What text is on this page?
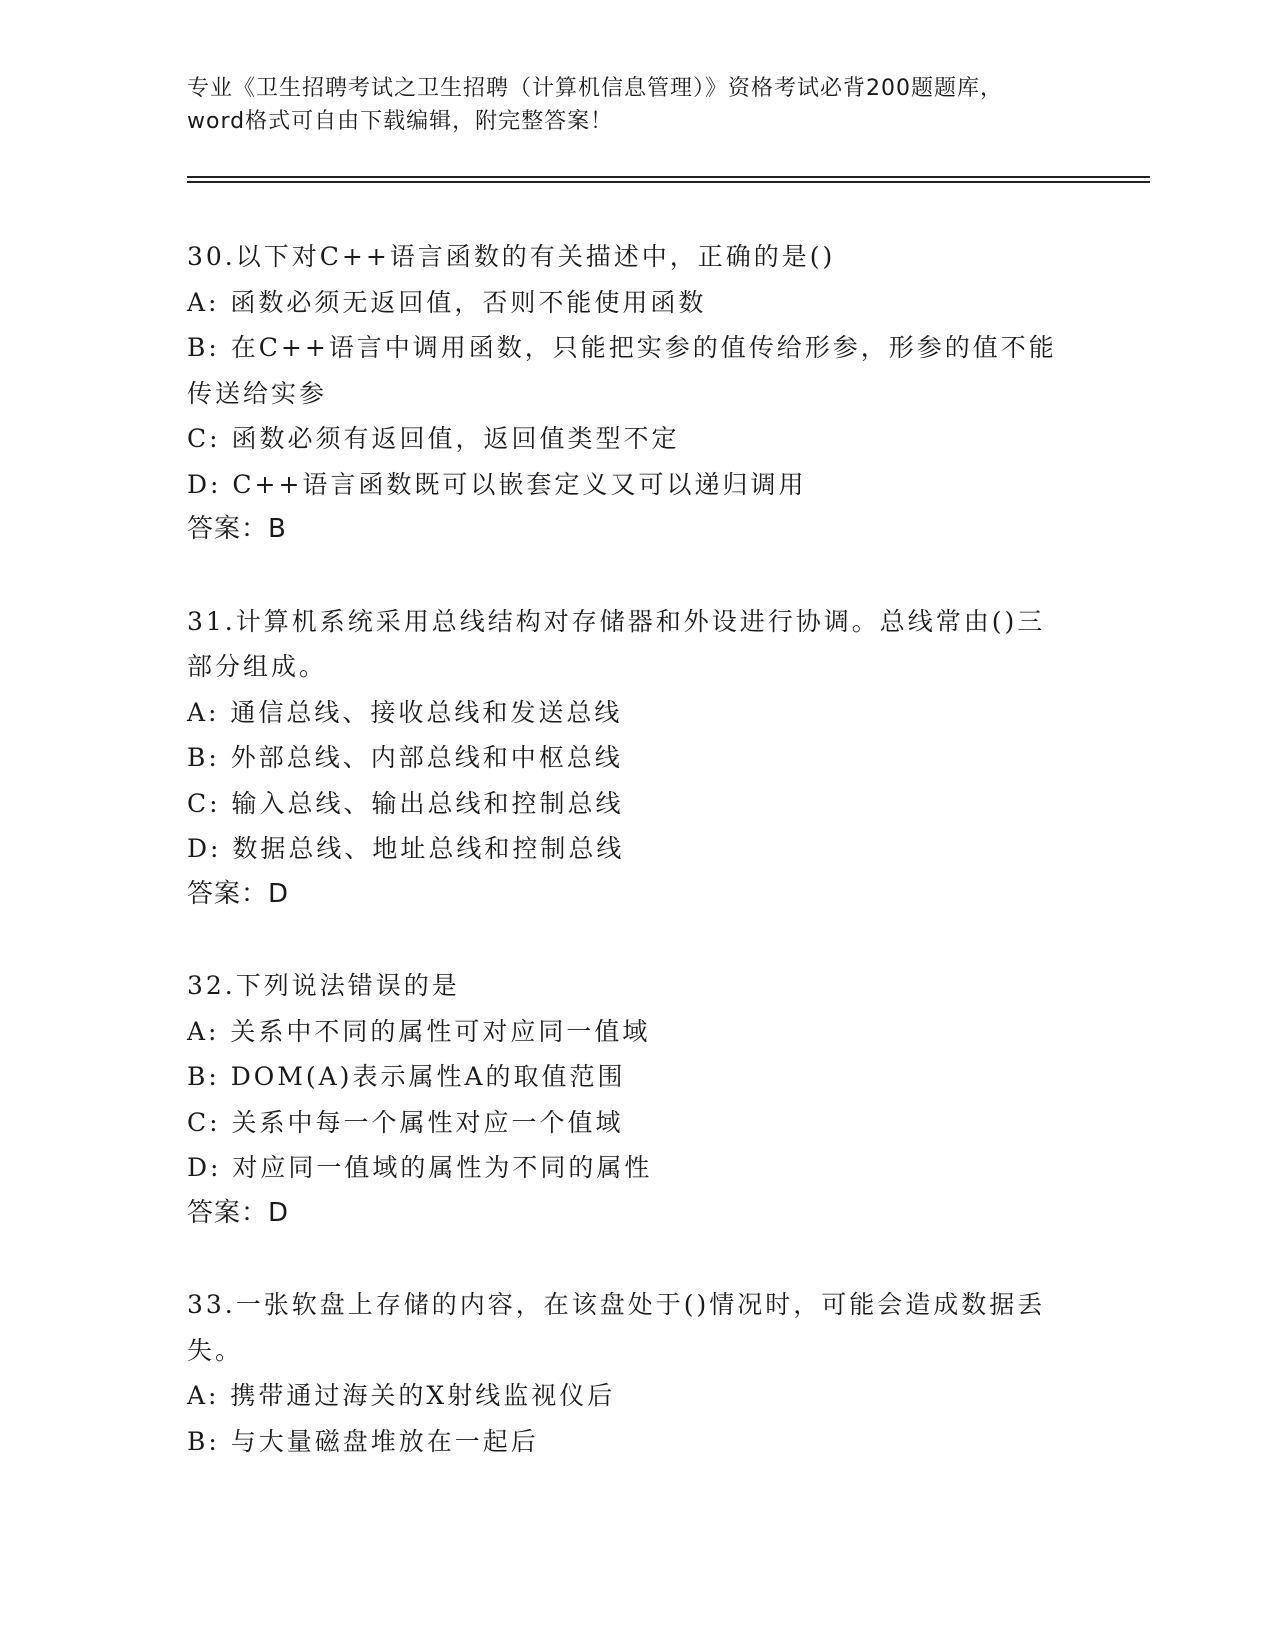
专业《卫生招聘考试之卫生招聘（计算机信息管理）》资格考试必背200题题库，
word格式可自由下载编辑，附完整答案！
30.以下对C++语言函数的有关描述中，正确的是()
A: 函数必须无返回值，否则不能使用函数
B: 在C++语言中调用函数，只能把实参的值传给形参，形参的值不能
传送给实参
C: 函数必须有返回值，返回值类型不定
D: C++语言函数既可以嵌套定义又可以递归调用
答案：B
31.计算机系统采用总线结构对存储器和外设进行协调。总线常由()三
部分组成。
A: 通信总线、接收总线和发送总线
B: 外部总线、内部总线和中枢总线
C: 输入总线、输出总线和控制总线
D: 数据总线、地址总线和控制总线
答案：D
32.下列说法错误的是
A: 关系中不同的属性可对应同一值域
B: DOM(A)表示属性A的取值范围
C: 关系中每一个属性对应一个值域
D: 对应同一值域的属性为不同的属性
答案：D
33.一张软盘上存储的内容，在该盘处于()情况时，可能会造成数据丢
失。
A: 携带通过海关的X射线监视仪后
B: 与大量磁盘堆放在一起后
